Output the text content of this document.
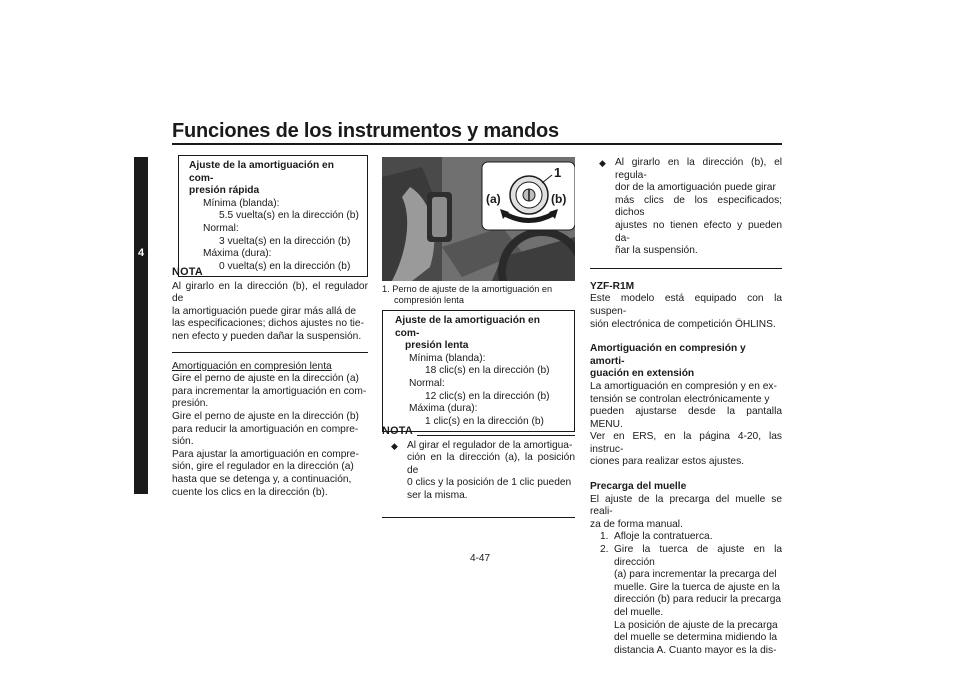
Funciones de los instrumentos y mandos
4
Ajuste de la amortiguación en com-
presión rápida
Mínima (blanda):
5.5 vuelta(s) en la dirección (b)
Normal:
3 vuelta(s) en la dirección (b)
Máxima (dura):
0 vuelta(s) en la dirección (b)
NOTA
Al girarlo en la dirección (b), el regulador de
la amortiguación puede girar más allá de
las especificaciones; dichos ajustes no tie-
nen efecto y pueden dañar la suspensión.
Amortiguación en compresión lenta
Gire el perno de ajuste en la dirección (a)
para incrementar la amortiguación en com-
presión.
Gire el perno de ajuste en la dirección (b)
para reducir la amortiguación en compre-
sión.
Para ajustar la amortiguación en compre-
sión, gire el regulador en la dirección (a)
hasta que se detenga y, a continuación,
cuente los clics en la dirección (b).
1
(a)	(b)
1. Perno de ajuste de la amortiguación en
compresión lenta
Ajuste de la amortiguación en com-
presión lenta
Mínima (blanda):
18 clic(s) en la dirección (b)
Normal:
12 clic(s) en la dirección (b)
Máxima (dura):
1 clic(s) en la dirección (b)
NOTA
◆ Al girar el regulador de la amortigua-
ción en la dirección (a), la posición de
0 clics y la posición de 1 clic pueden
ser la misma.
◆ Al girarlo en la dirección (b), el regula-
dor de la amortiguación puede girar
más clics de los especificados; dichos
ajustes no tienen efecto y pueden da-
ñar la suspensión.
YZF-R1M
Este modelo está equipado con la suspen-
sión electrónica de competición ÖHLINS.
Amortiguación en compresión y amorti-
guación en extensión
La amortiguación en compresión y en ex-
tensión se controlan electrónicamente y
pueden ajustarse desde la pantalla MENU.
Ver en ERS, en la página 4-20, las instruc-
ciones para realizar estos ajustes.
Precarga del muelle
El ajuste de la precarga del muelle se reali-
za de forma manual.
1. Afloje la contratuerca.
2. Gire la tuerca de ajuste en la dirección
(a) para incrementar la precarga del
muelle. Gire la tuerca de ajuste en la
dirección (b) para reducir la precarga
del muelle.
La posición de ajuste de la precarga
del muelle se determina midiendo la
distancia A. Cuanto mayor es la dis-
4-47
